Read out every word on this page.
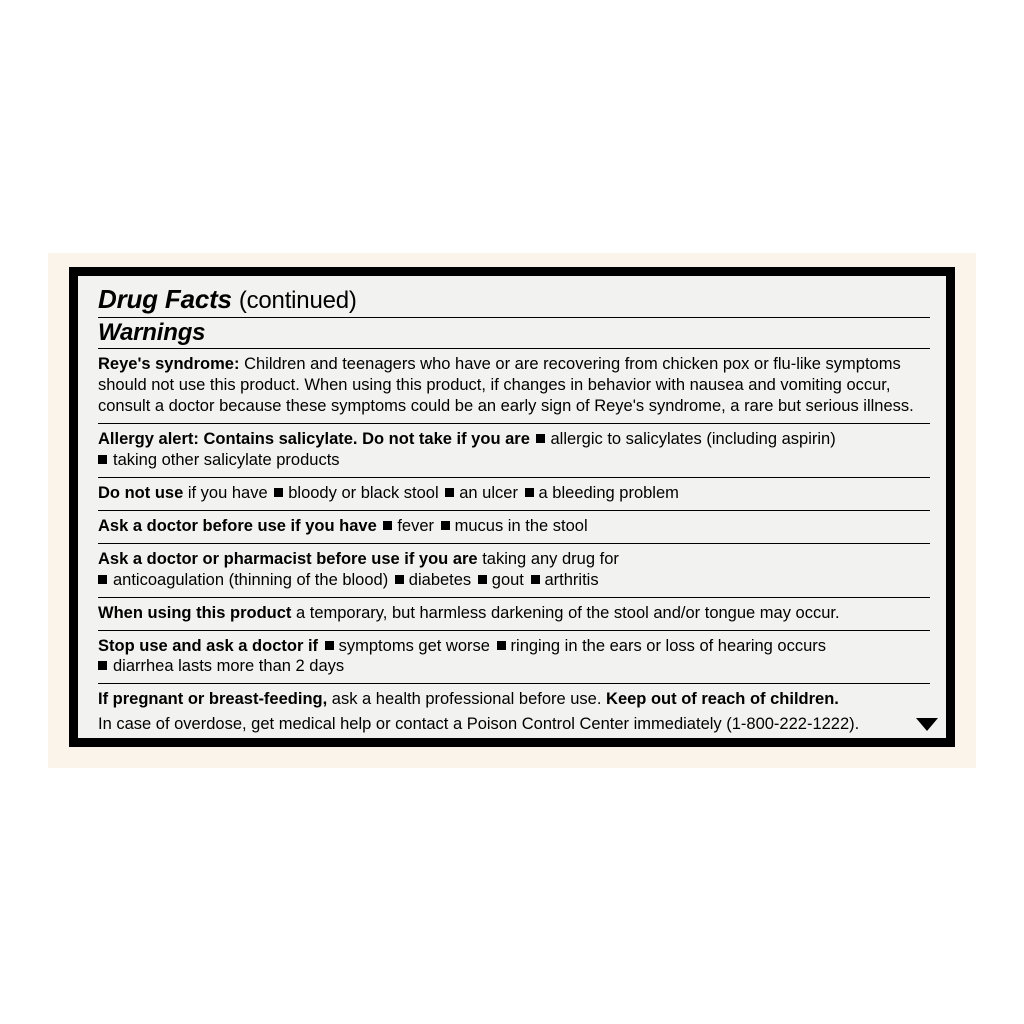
Drug Facts (continued)
Warnings

Reye's syndrome: Children and teenagers who have or are recovering from chicken pox or flu-like symptoms should not use this product. When using this product, if changes in behavior with nausea and vomiting occur, consult a doctor because these symptoms could be an early sign of Reye's syndrome, a rare but serious illness.

Allergy alert: Contains salicylate. Do not take if you are allergic to salicylates (including aspirin)

taking other salicylate products

Do not use if you have bloody or black stool an ulcer a bleeding problem

Ask a doctor before use if you have fever mucus in the stool

Ask a doctor or pharmacist before use if you are taking any drug for

anticoagulation (thinning of the blood) diabetes gout arthritis

When using this product a temporary, but harmless darkening of the stool and/or tongue may occur.

Stop use and ask a doctor if symptoms get worse ringing in the ears or loss of hearing occurs

diarrhea lasts more than 2 days

If pregnant or breast-feeding, ask a health professional before use. Keep out of reach of children.

In case of overdose, get medical help or contact a Poison Control Center immediately (1-800-222-1222).
